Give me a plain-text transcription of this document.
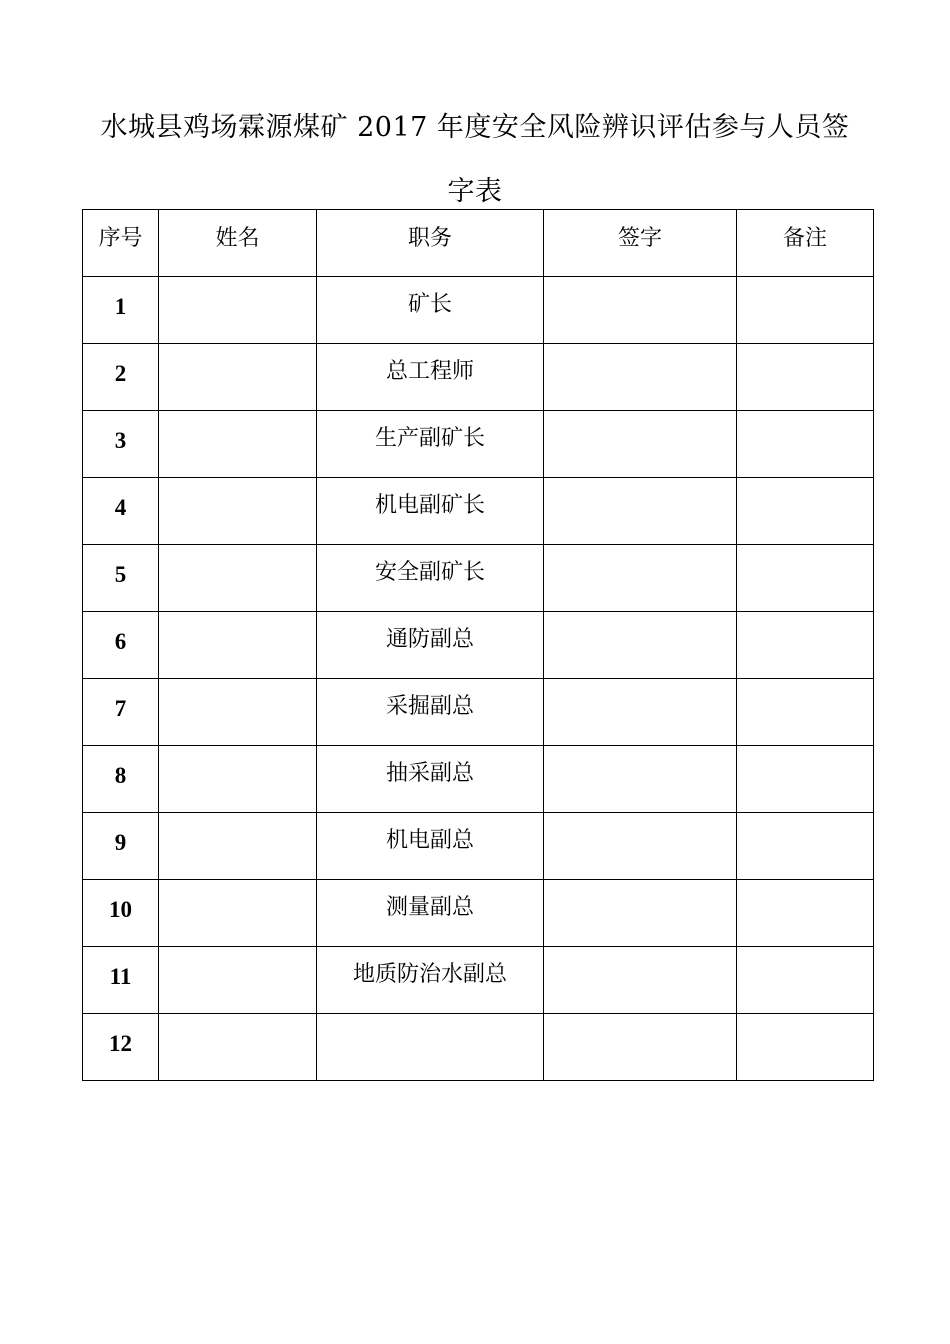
水城县鸡场霖源煤矿 2017 年度安全风险辨识评估参与人员签
字表
序号	姓名	职务	签字	备注
1		矿长		
2		总工程师		
3		生产副矿长		
4		机电副矿长		
5		安全副矿长		
6		通防副总		
7		采掘副总		
8		抽采副总		
9		机电副总		
10		测量副总		
11		地质防治水副总		
12				
